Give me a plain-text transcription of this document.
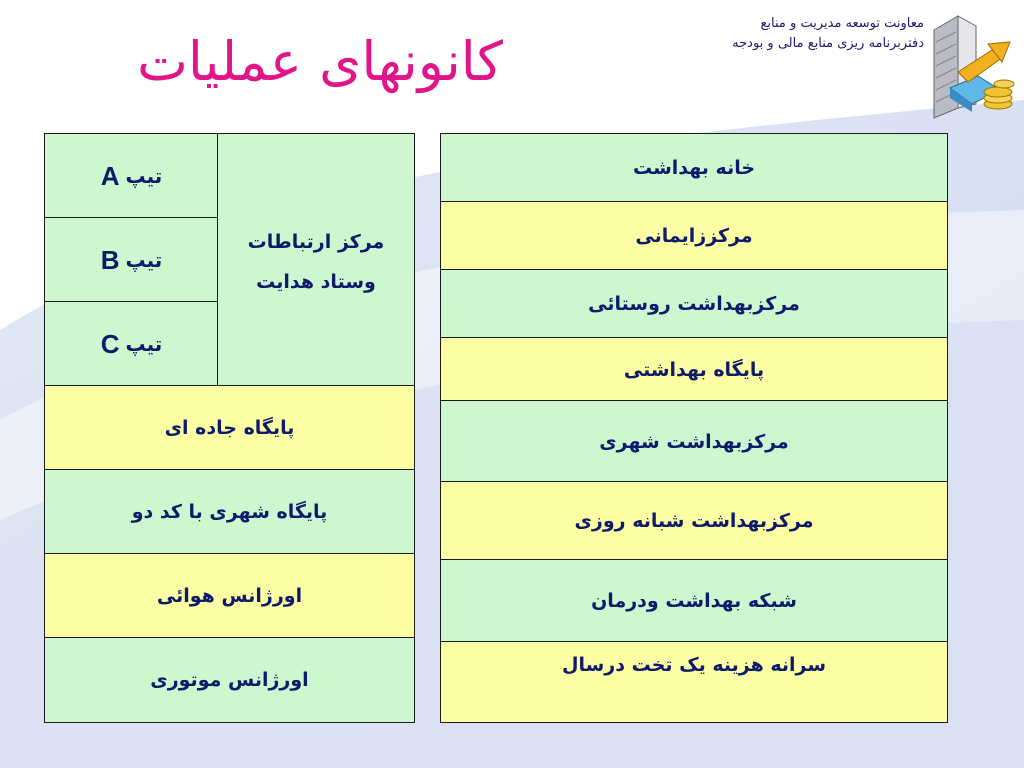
کانونهای عملیات
معاونت توسعه مدیریت و منابع
دفتربرنامه ریزی منابع مالی و بودجه
تیپ
A
تیپ
B
تیپ
C
مرکز ارتباطات وستاد هدایت
پایگاه جاده ای
پایگاه شهری با کد دو
اورژانس هوائی
اورژانس موتوری
خانه بهداشت
مرکززایمانی
مرکزبهداشت روستائی
پایگاه بهداشتی
مرکزبهداشت شهری
مرکزبهداشت شبانه روزی
شبکه بهداشت ودرمان
سرانه هزینه یک تخت درسال
